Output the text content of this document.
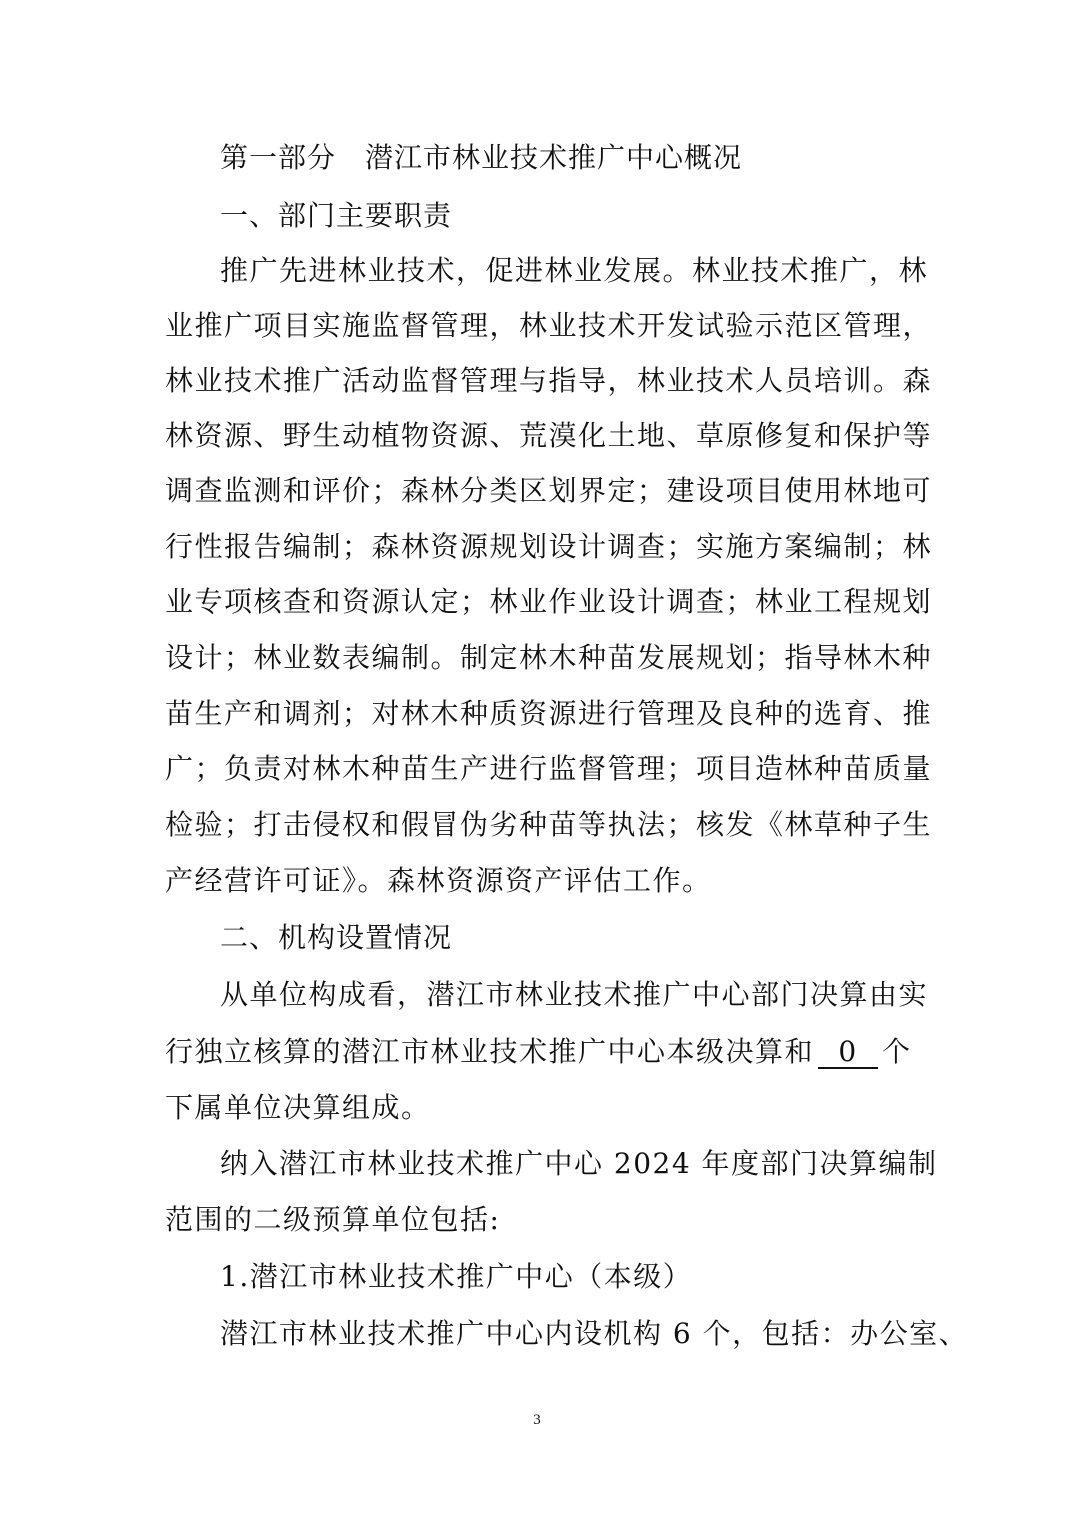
第一部分　潜江市林业技术推广中心概况
一、部门主要职责
推广先进林业技术，促进林业发展。林业技术推广，林
业推广项目实施监督管理，林业技术开发试验示范区管理，
林业技术推广活动监督管理与指导，林业技术人员培训。森
林资源、野生动植物资源、荒漠化土地、草原修复和保护等
调查监测和评价；森林分类区划界定；建设项目使用林地可
行性报告编制；森林资源规划设计调查；实施方案编制；林
业专项核查和资源认定；林业作业设计调查；林业工程规划
设计；林业数表编制。制定林木种苗发展规划；指导林木种
苗生产和调剂；对林木种质资源进行管理及良种的选育、推
广；负责对林木种苗生产进行监督管理；项目造林种苗质量
检验；打击侵权和假冒伪劣种苗等执法；核发《林草种子生
产经营许可证》。森林资源资产评估工作。
二、机构设置情况
从单位构成看，潜江市林业技术推广中心部门决算由实
行独立核算的潜江市林业技术推广中心本级决算和 0 个
下属单位决算组成。
纳入潜江市林业技术推广中心 2024 年度部门决算编制
范围的二级预算单位包括:
1.潜江市林业技术推广中心（本级）
潜江市林业技术推广中心内设机构 6 个，包括：办公室、
3
